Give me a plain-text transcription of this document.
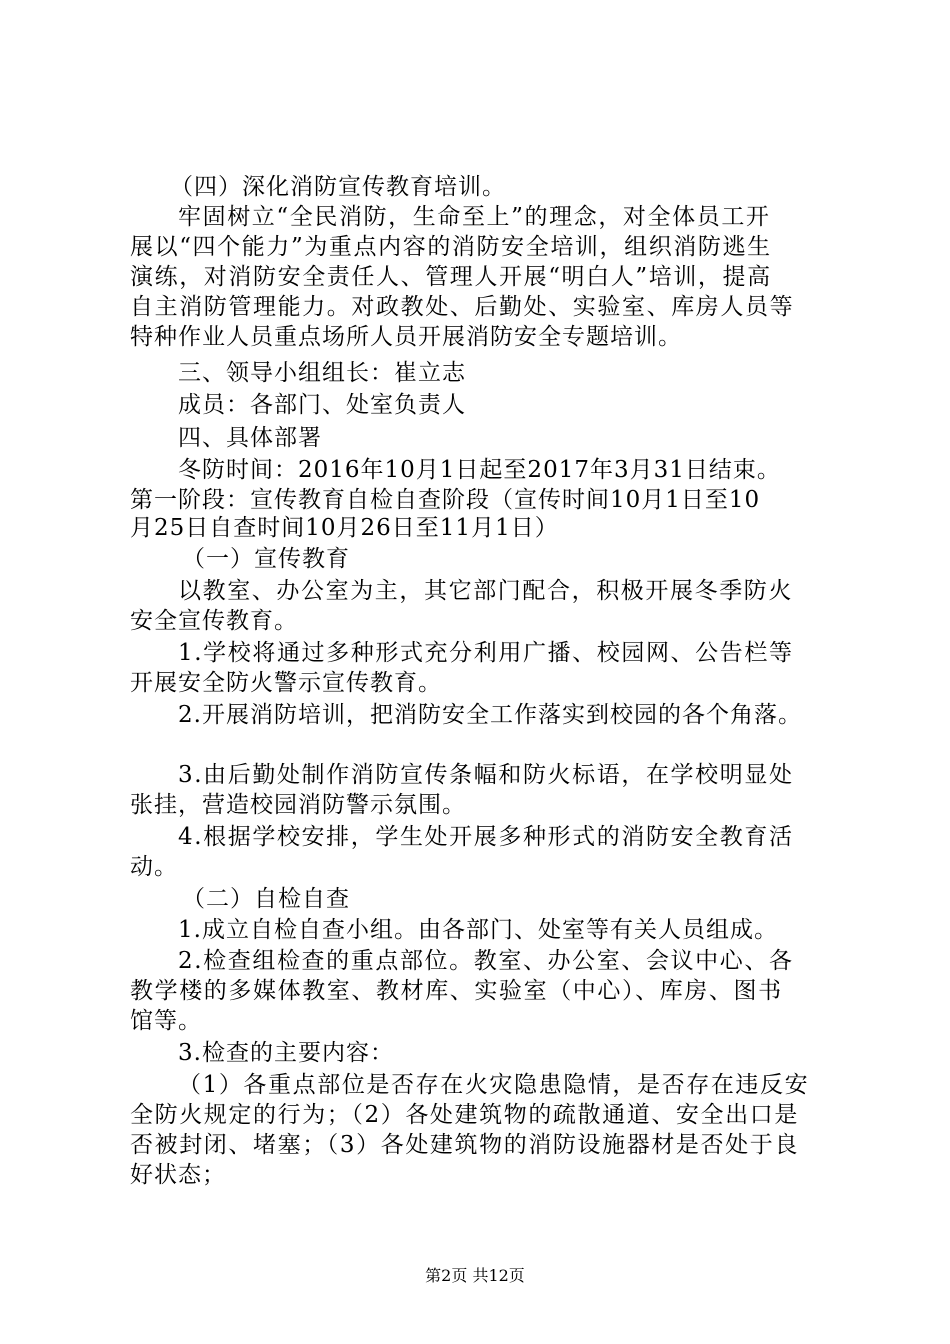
（四）深化消防宣传教育培训。
牢固树立“全民消防，生命至上”的理念，对全体员工开
展以“四个能力”为重点内容的消防安全培训，组织消防逃生
演练，对消防安全责任人、管理人开展“明白人”培训，提高
自主消防管理能力。对政教处、后勤处、实验室、库房人员等
特种作业人员重点场所人员开展消防安全专题培训。
三、领导小组组长：崔立志
成员：各部门、处室负责人
四、具体部署
冬防时间：2016年10月1日起至2017年3月31日结束。
第一阶段：宣传教育自检自查阶段（宣传时间10月1日至10
月25日自查时间10月26日至11月1日）
（一）宣传教育
以教室、办公室为主，其它部门配合，积极开展冬季防火
安全宣传教育。
1.学校将通过多种形式充分利用广播、校园网、公告栏等
开展安全防火警示宣传教育。
2.开展消防培训，把消防安全工作落实到校园的各个角落。
3.由后勤处制作消防宣传条幅和防火标语，在学校明显处
张挂，营造校园消防警示氛围。
4.根据学校安排，学生处开展多种形式的消防安全教育活
动。
（二）自检自查
1.成立自检自查小组。由各部门、处室等有关人员组成。
2.检查组检查的重点部位。教室、办公室、会议中心、各
教学楼的多媒体教室、教材库、实验室（中心）、库房、图书
馆等。
3.检查的主要内容：
（1）各重点部位是否存在火灾隐患隐情，是否存在违反安
全防火规定的行为；（2）各处建筑物的疏散通道、安全出口是
否被封闭、堵塞；（3）各处建筑物的消防设施器材是否处于良
好状态；
第2页 共12页
